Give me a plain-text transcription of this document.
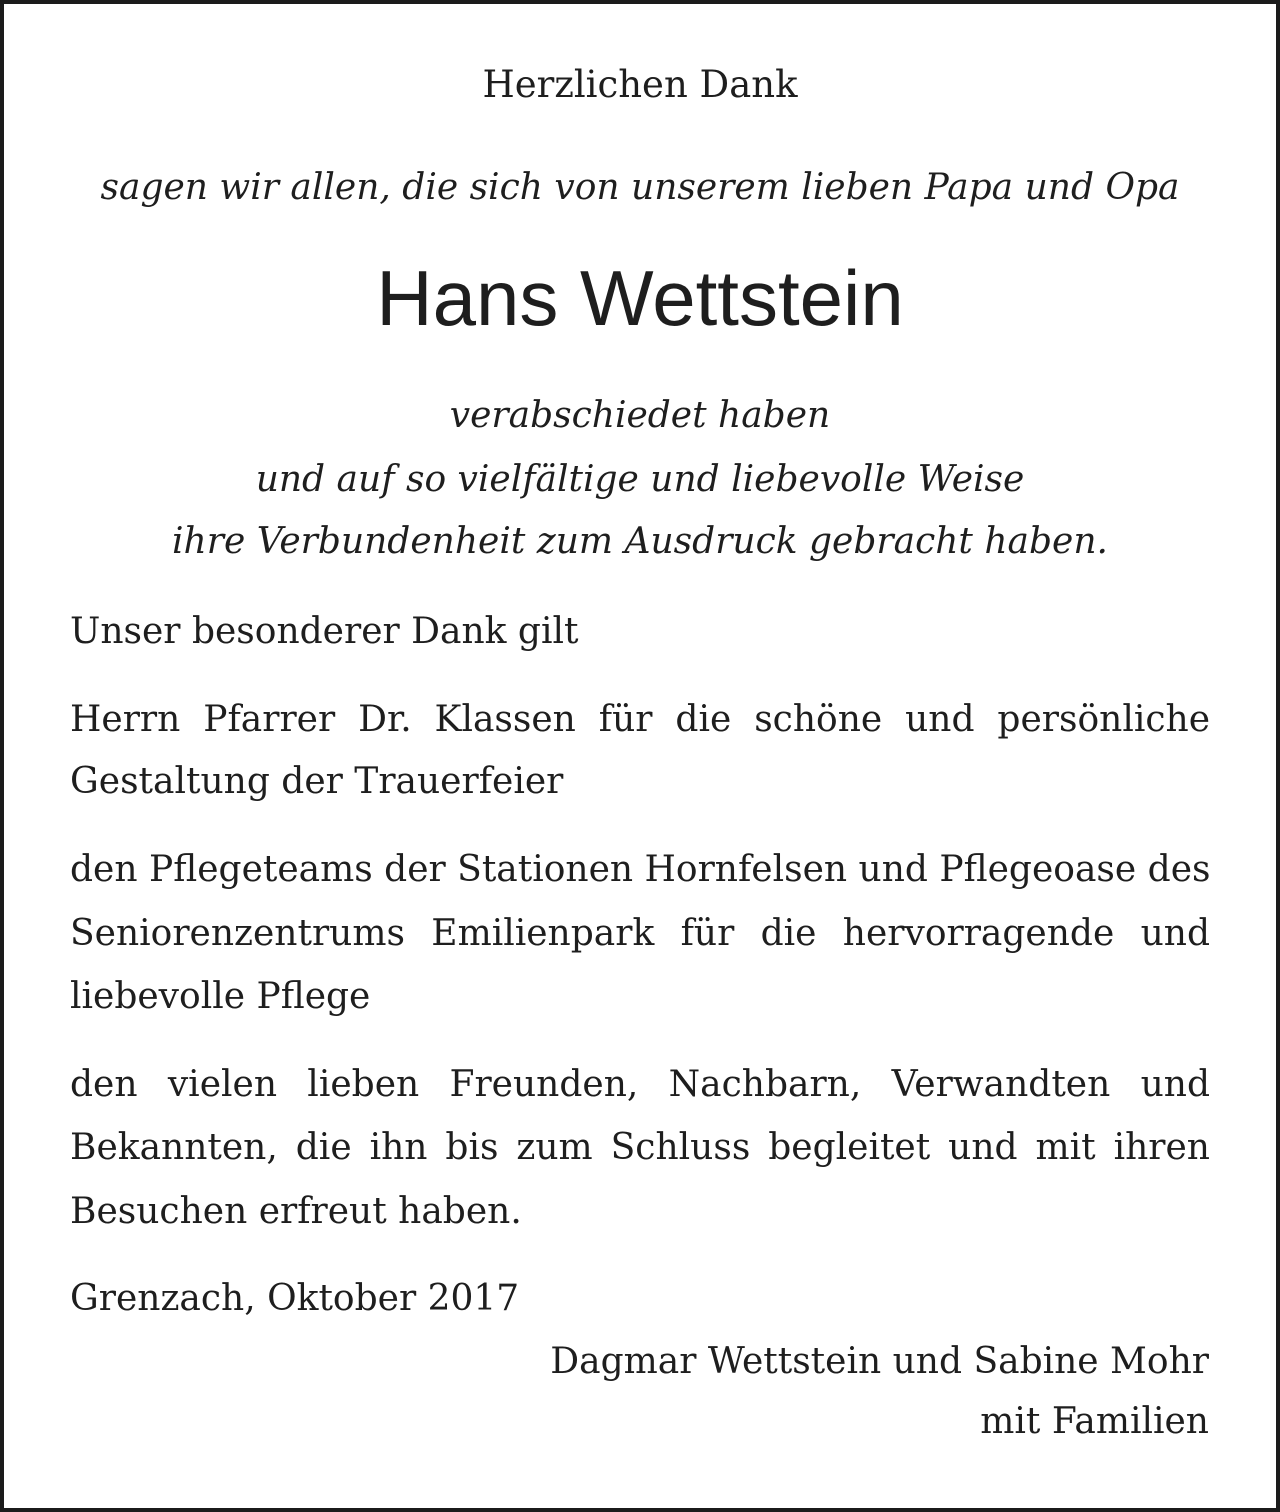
Herzlichen Dank

sagen wir allen, die sich von unserem lieben Papa und Opa

Hans Wettstein

verabschiedet haben

und auf so vielfältige und liebevolle Weise

ihre Verbundenheit zum Ausdruck gebracht haben.

Unser besonderer Dank gilt

Herrn Pfarrer Dr. Klassen für die schöne und persönliche

Gestaltung der Trauerfeier

den Pflegeteams der Stationen Hornfelsen und Pflegeoase des

Seniorenzentrums Emilienpark für die hervorragende und

liebevolle Pflege

den vielen lieben Freunden, Nachbarn, Verwandten und

Bekannten, die ihn bis zum Schluss begleitet und mit ihren

Besuchen erfreut haben.

Grenzach, Oktober 2017

Dagmar Wettstein und Sabine Mohr

mit Familien
